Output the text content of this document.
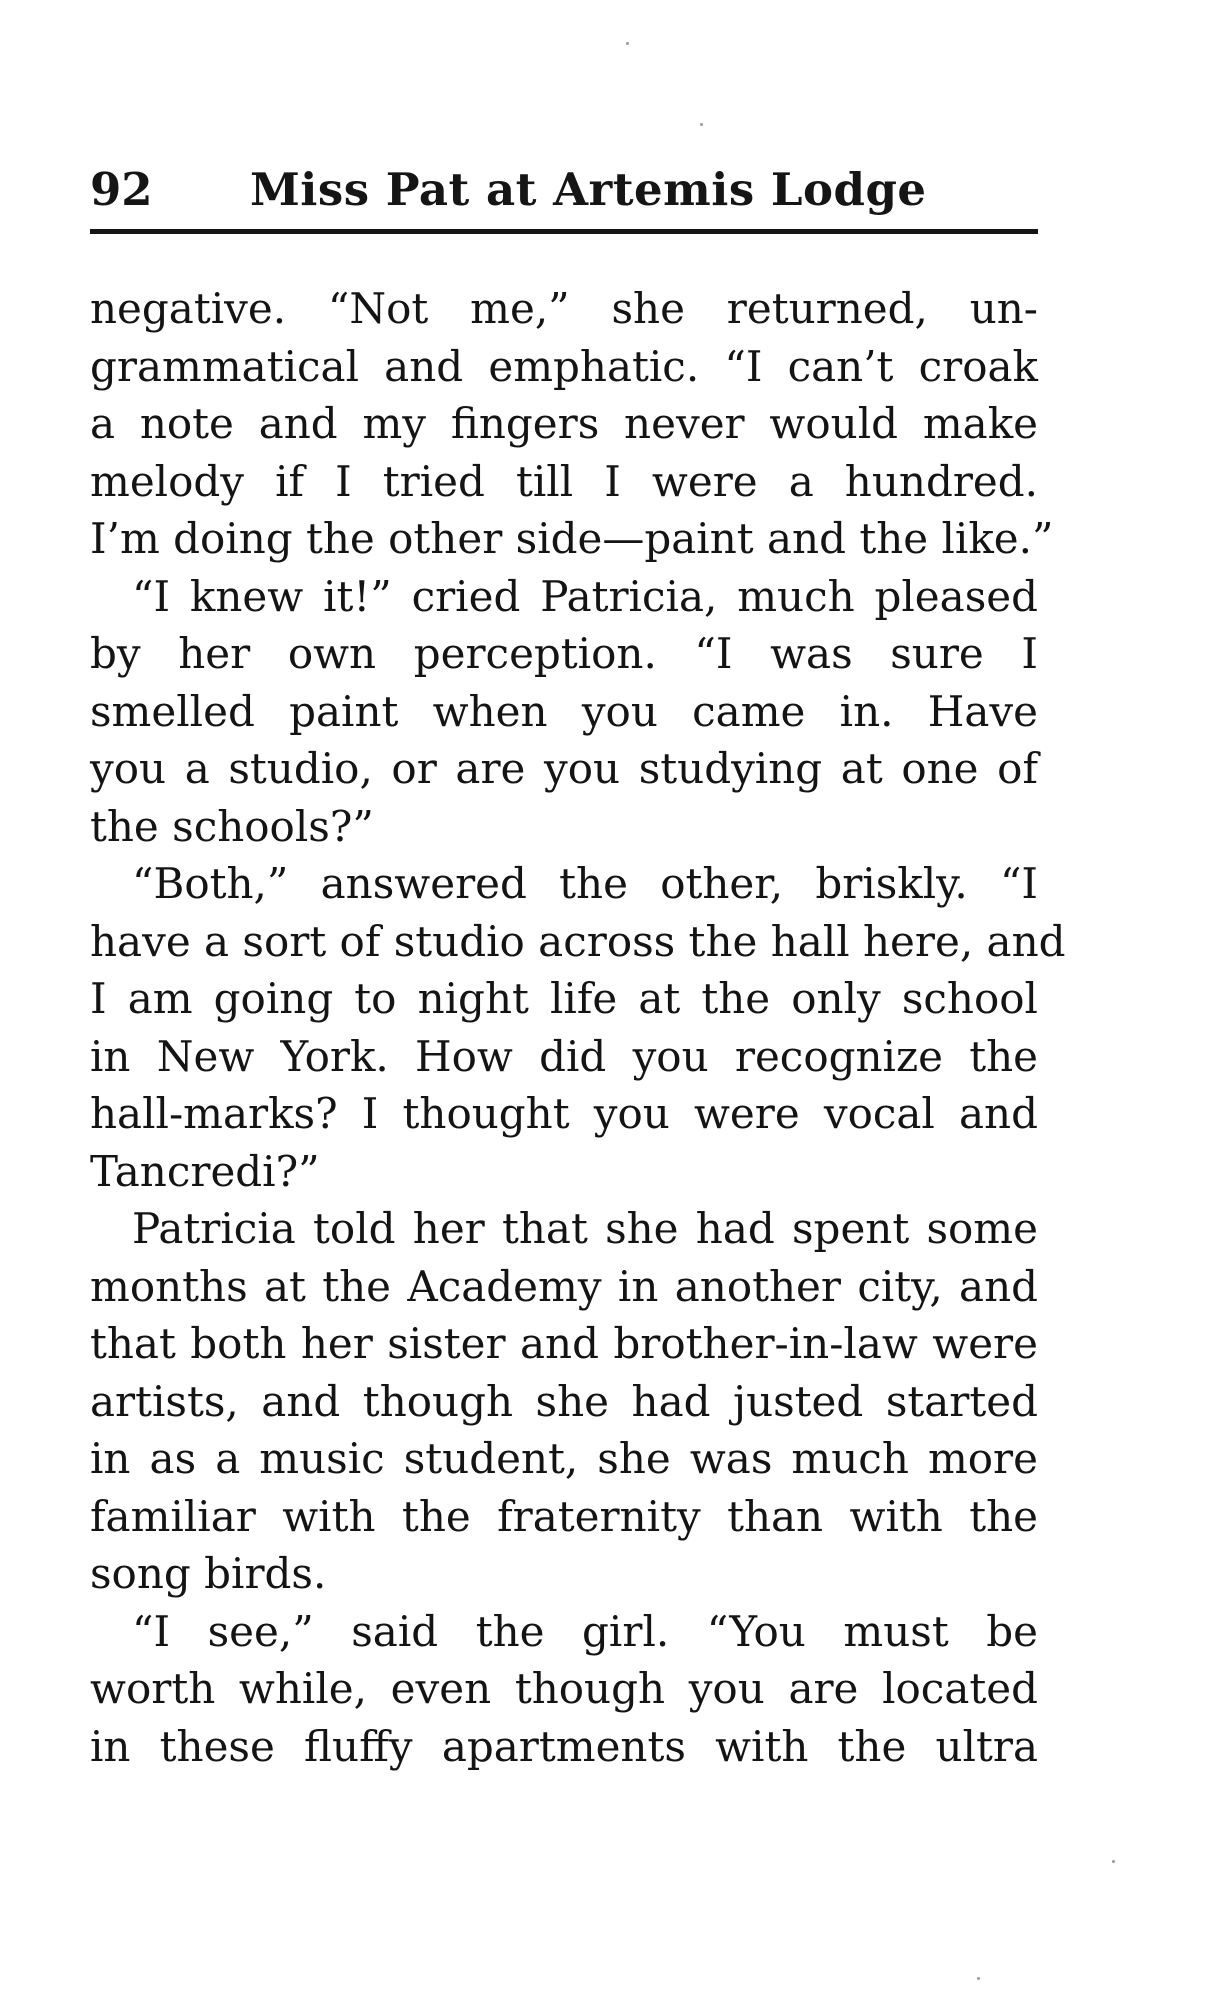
92 Miss Pat at Artemis Lodge
negative. “Not me,” she returned, un-
grammatical and emphatic. “I can’t croak
a note and my fingers never would make
melody if I tried till I were a hundred.
I’m doing the other side—paint and the like.”
“I knew it!” cried Patricia, much pleased
by her own perception. “I was sure I
smelled paint when you came in. Have
you a studio, or are you studying at one of
the schools?”
“Both,” answered the other, briskly. “I
have a sort of studio across the hall here, and
I am going to night life at the only school
in New York. How did you recognize the
hall-marks? I thought you were vocal and
Tancredi?”
Patricia told her that she had spent some
months at the Academy in another city, and
that both her sister and brother-in-law were
artists, and though she had justed started
in as a music student, she was much more
familiar with the fraternity than with the
song birds.
“I see,” said the girl. “You must be
worth while, even though you are located
in these fluffy apartments with the ultra
